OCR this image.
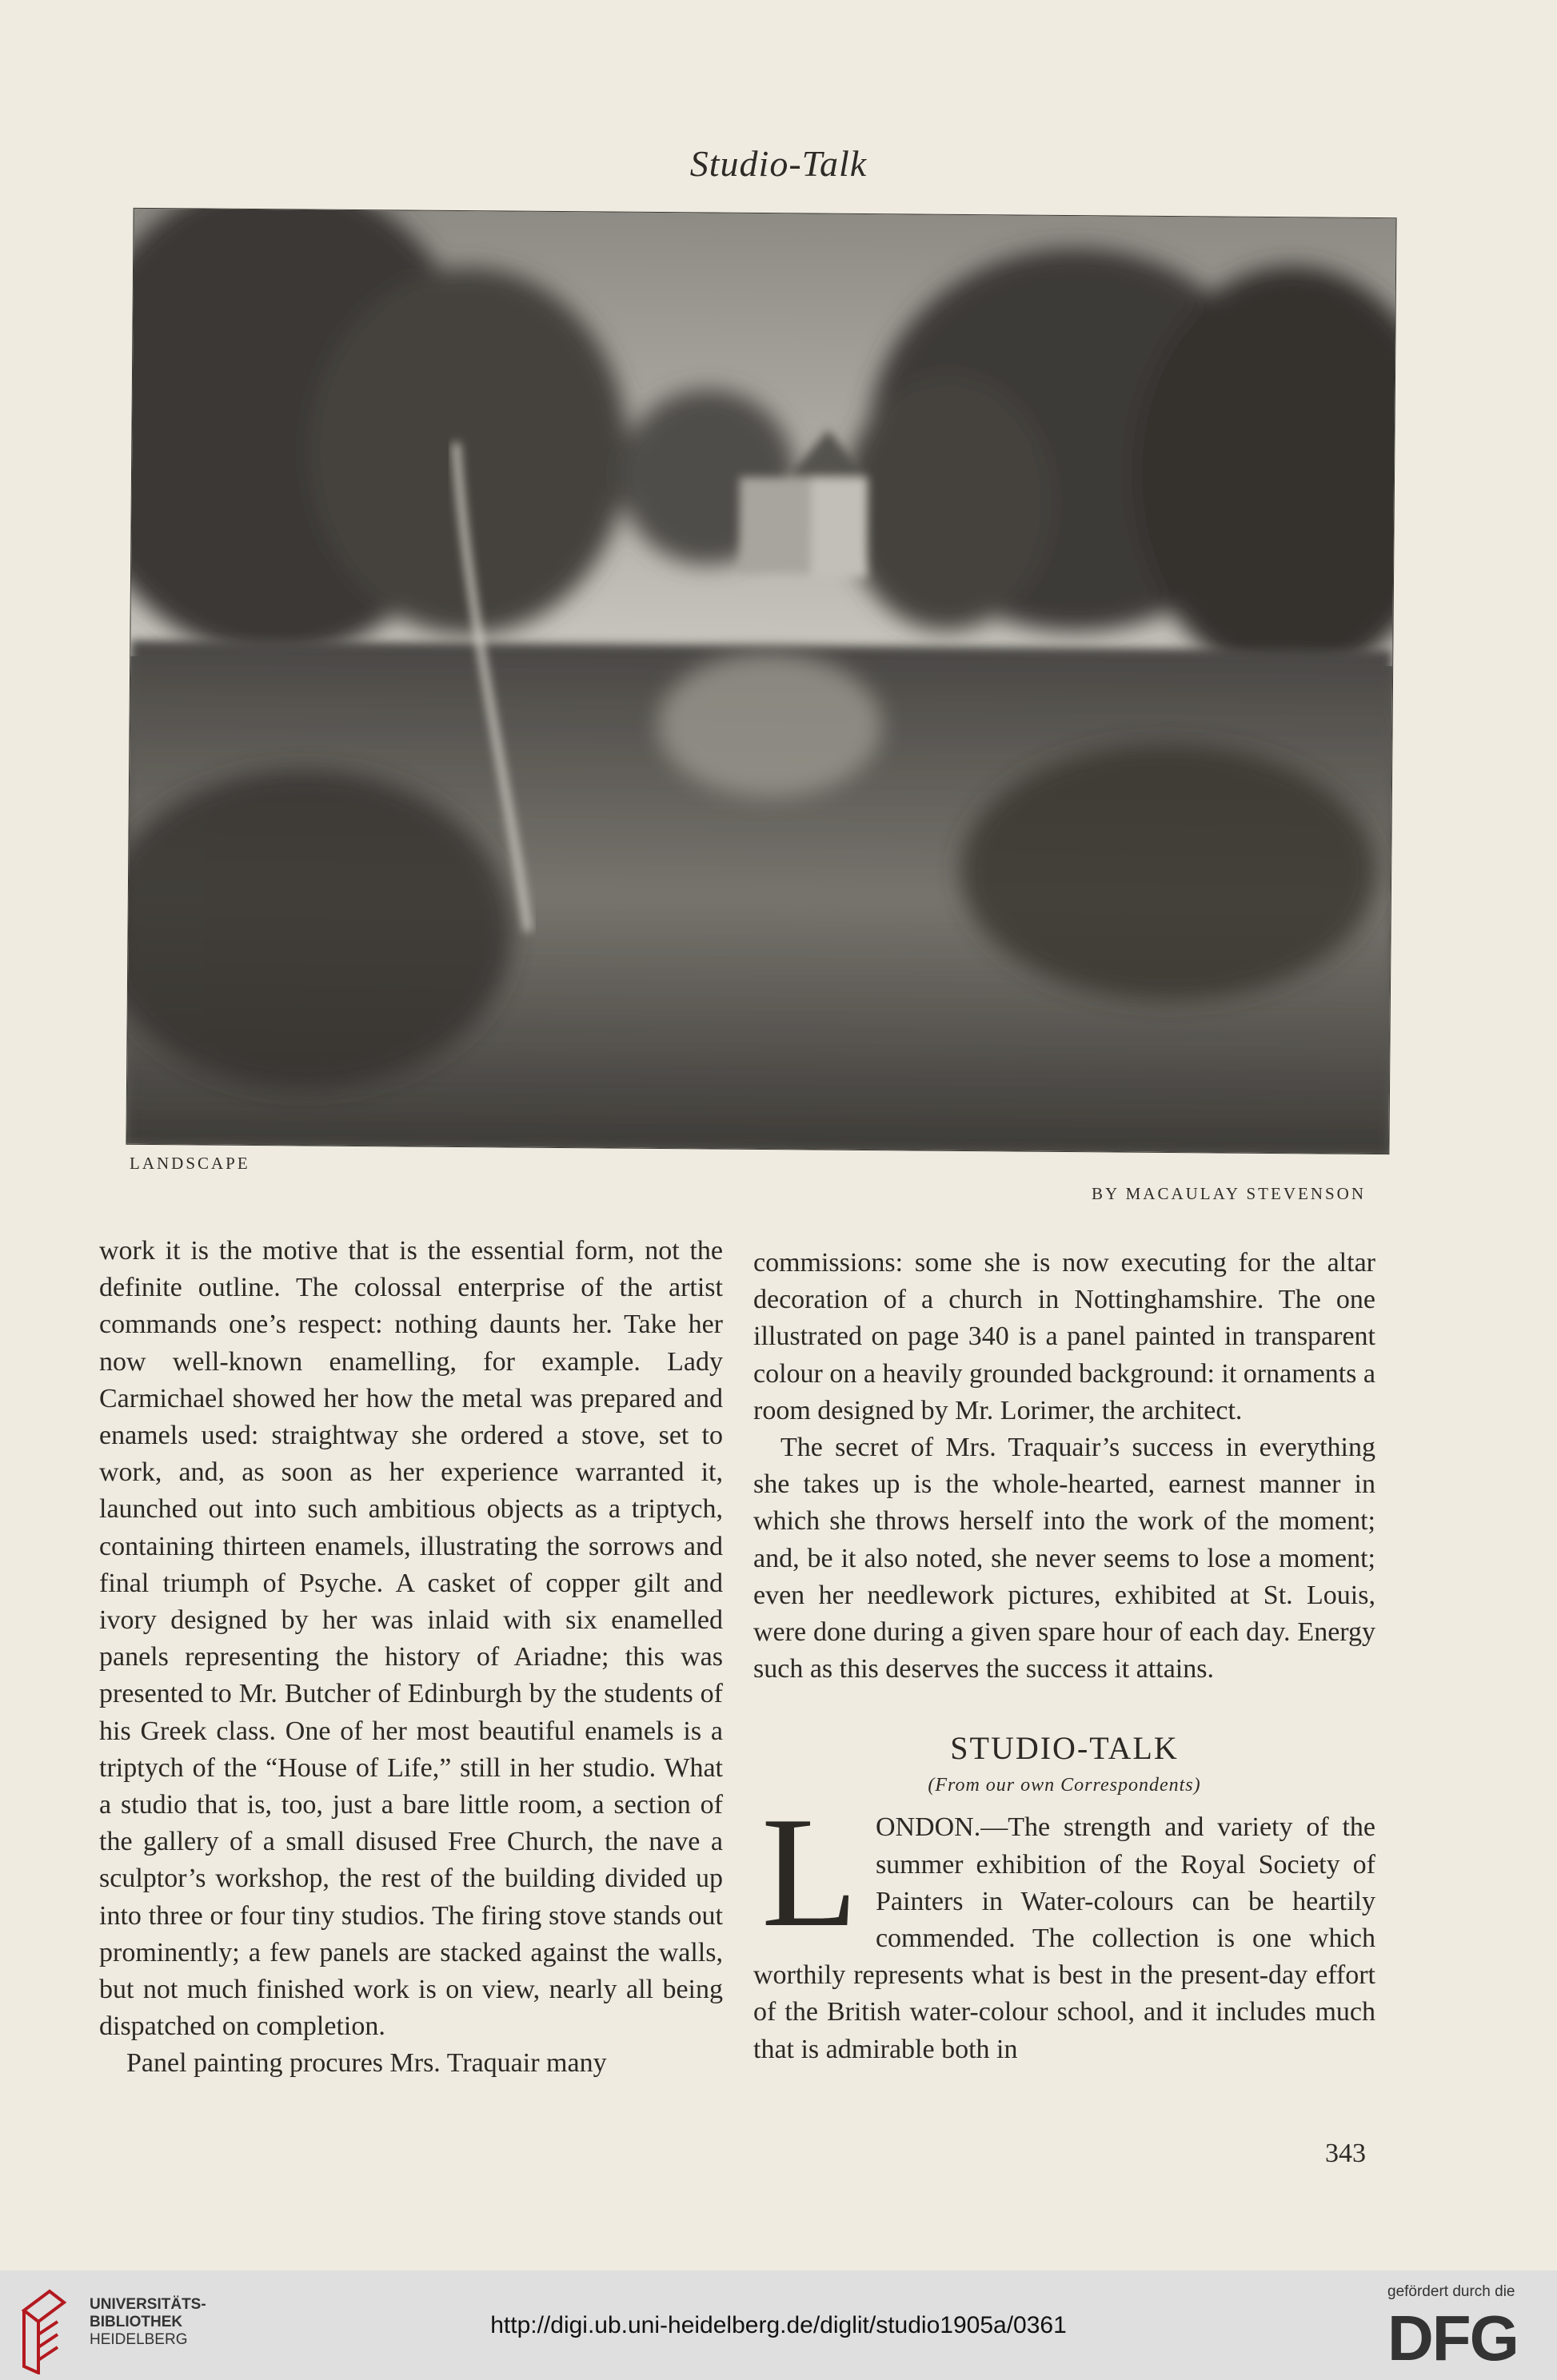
Studio-Talk
LANDSCAPE
BY MACAULAY STEVENSON

work it is the motive that is the essential form, not the definite outline. The colossal enterprise of the artist commands one’s respect: nothing daunts her. Take her now well-known enamelling, for example. Lady Carmichael showed her how the metal was prepared and enamels used: straightway she ordered a stove, set to work, and, as soon as her experience warranted it, launched out into such ambitious objects as a triptych, containing thirteen enamels, illustrating the sorrows and final triumph of Psyche. A casket of copper gilt and ivory designed by her was inlaid with six enamelled panels representing the history of Ariadne; this was presented to Mr. Butcher of Edinburgh by the students of his Greek class. One of her most beautiful enamels is a triptych of the “House of Life,” still in her studio. What a studio that is, too, just a bare little room, a section of the gallery of a small disused Free Church, the nave a sculptor’s workshop, the rest of the building divided up into three or four tiny studios. The firing stove stands out prominently; a few panels are stacked against the walls, but not much finished work is on view, nearly all being dispatched on completion.

Panel painting procures Mrs. Traquair many

commissions: some she is now executing for the altar decoration of a church in Nottinghamshire. The one illustrated on page 340 is a panel painted in transparent colour on a heavily grounded background: it ornaments a room designed by Mr. Lorimer, the architect.

The secret of Mrs. Traquair’s success in everything she takes up is the whole-hearted, earnest manner in which she throws herself into the work of the moment; and, be it also noted, she never seems to lose a moment; even her needlework pictures, exhibited at St. Louis, were done during a given spare hour of each day. Energy such as this deserves the success it attains.

STUDIO-TALK
(From our own Correspondents)

LONDON.—The strength and variety of the summer exhibition of the Royal Society of Painters in Water-colours can be heartily commended. The collection is one which worthily represents what is best in the present-day effort of the British water-colour school, and it includes much that is admirable both in

343
UNIVERSITÄTS-
BIBLIOTHEK
HEIDELBERG
http://digi.ub.uni-heidelberg.de/diglit/studio1905a/0361
gefördert durch die
DFG
